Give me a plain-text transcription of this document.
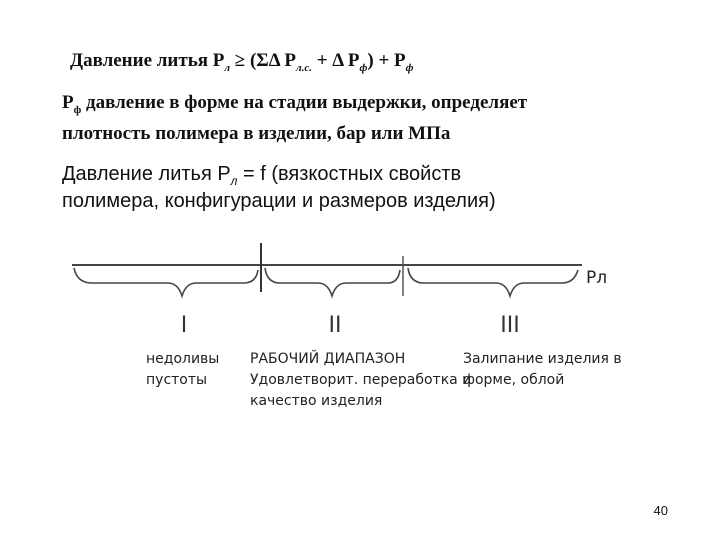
Давление литья $P_л \ge (\Sigma\Delta$ $P_{л.с.} + \Delta$ $P_ф) + P_ф$

$P_ф$ давление в форме на стадии выдержки, определяет

плотность полимера в изделии, бар или МПа

Давление литья $P_л = f$ (вязкостных свойств

полимера, конфигурации и размеров изделия)

Pл
I	II	III
недоливы
пустоты
РАБОЧИЙ ДИАПАЗОН
Удовлетворит. переработка и
качество изделия
Залипание изделия в
форме, облой

40
